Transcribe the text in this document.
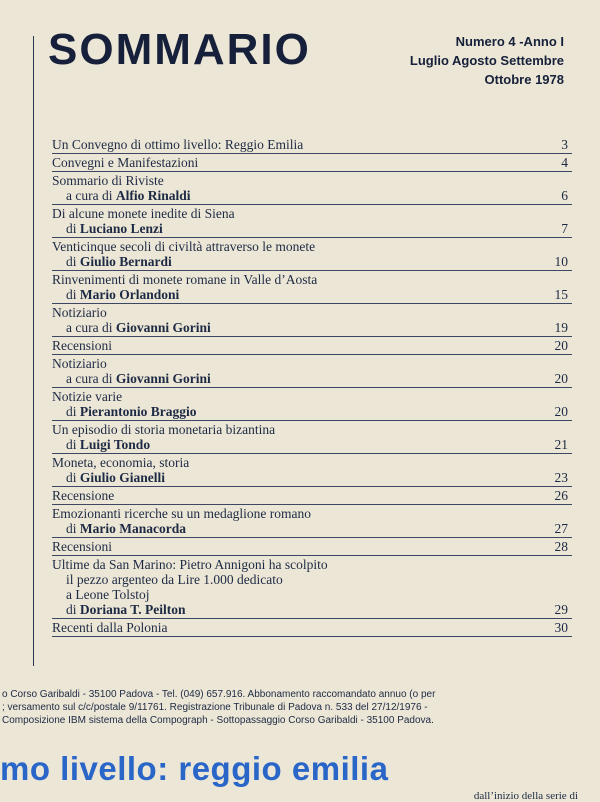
SOMMARIO	Numero 4 -Anno I
Luglio Agosto Settembre
Ottobre 1978
Un Convegno di ottimo livello: Reggio Emilia	3
Convegni e Manifestazioni	4
Sommario di Riviste
a cura di Alfio Rinaldi	6
Di alcune monete inedite di Siena
di Luciano Lenzi	7
Venticinque secoli di civiltà attraverso le monete
di Giulio Bernardi	10
Rinvenimenti di monete romane in Valle d’Aosta
di Mario Orlandoni	15
Notiziario
a cura di Giovanni Gorini	19
Recensioni	20
Notiziario
a cura di Giovanni Gorini	20
Notizie varie
di Pierantonio Braggio	20
Un episodio di storia monetaria bizantina
di Luigi Tondo	21
Moneta, economia, storia
di Giulio Gianelli	23
Recensione	26
Emozionanti ricerche su un medaglione romano
di Mario Manacorda	27
Recensioni	28
Ultime da San Marino: Pietro Annigoni ha scolpito
il pezzo argenteo da Lire 1.000 dedicato
a Leone Tolstoj
di Doriana T. Peilton	29
Recenti dalla Polonia	30
o Corso Garibaldi - 35100 Padova - Tel. (049) 657.916. Abbonamento raccomandato annuo (o per
; versamento sul c/c/postale 9/11761. Registrazione Tribunale di Padova n. 533 del 27/12/1976 -
Composizione IBM sistema della Compograph - Sottopassaggio Corso Garibaldi - 35100 Padova.
mo livello: reggio emilia
dall’inizio della serie di
